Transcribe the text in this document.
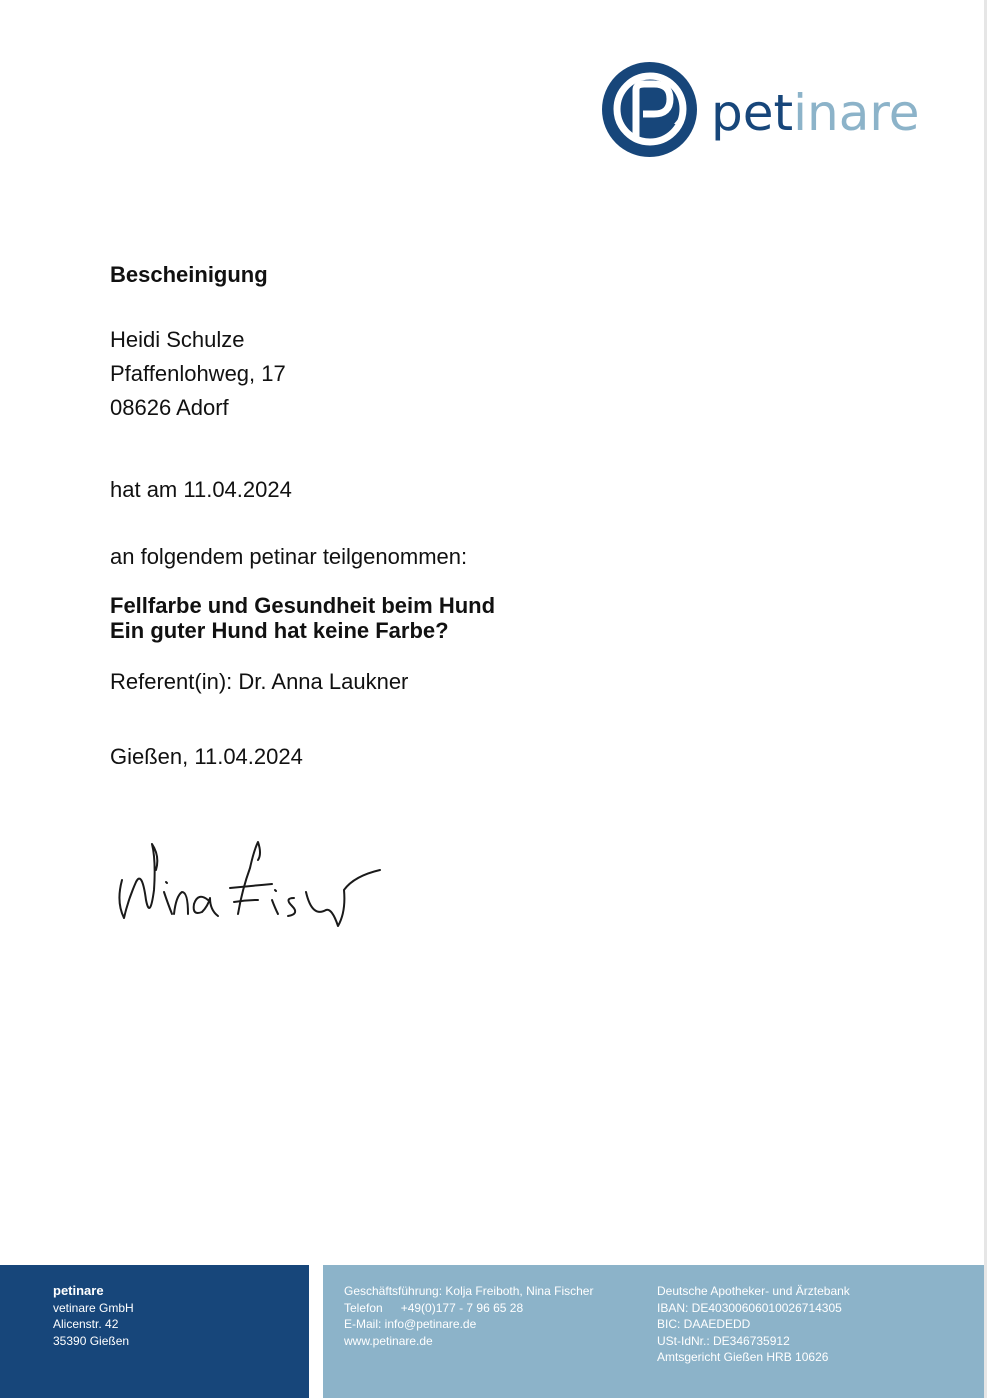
petinare
Bescheinigung
Heidi Schulze
Pfaffenlohweg, 17
08626 Adorf
hat am 11.04.2024
an folgendem petinar teilgenommen:
Fellfarbe und Gesundheit beim Hund
Ein guter Hund hat keine Farbe?
Referent(in): Dr. Anna Laukner
Gießen, 11.04.2024
petinare
vetinare GmbH
Alicenstr. 42
35390 Gießen
Geschäftsführung: Kolja Freiboth, Nina Fischer
Telefon +49(0)177 - 7 96 65 28
E-Mail: info@petinare.de
www.petinare.de
Deutsche Apotheker- und Ärztebank
IBAN: DE40300606010026714305
BIC: DAAEDEDD
USt-IdNr.: DE346735912
Amtsgericht Gießen HRB 10626
